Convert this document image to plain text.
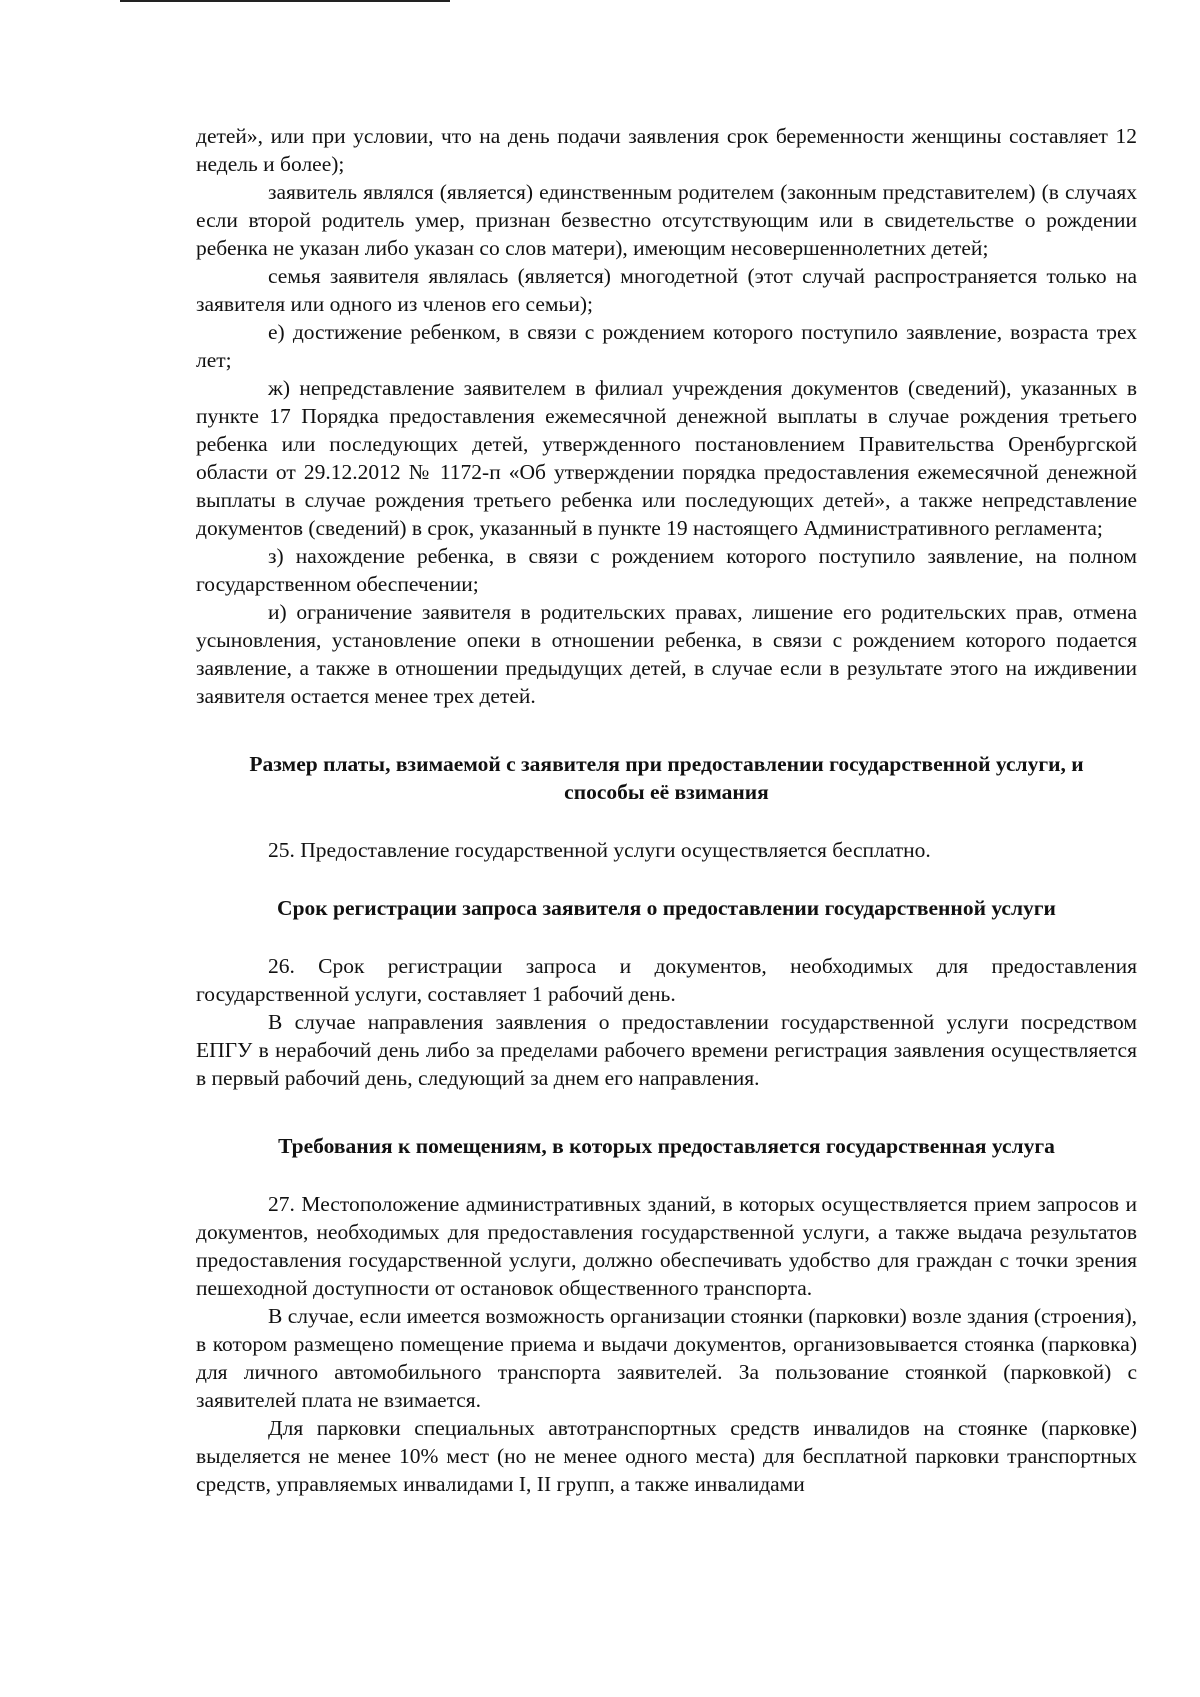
детей», или при условии, что на день подачи заявления срок беременности женщины составляет 12 недель и более);

заявитель являлся (является) единственным родителем (законным представителем) (в случаях если второй родитель умер, признан безвестно отсутствующим или в свидетельстве о рождении ребенка не указан либо указан со слов матери), имеющим несовершеннолетних детей;

семья заявителя являлась (является) многодетной (этот случай распространяется только на заявителя или одного из членов его семьи);

е) достижение ребенком, в связи с рождением которого поступило заявление, возраста трех лет;

ж) непредставление заявителем в филиал учреждения документов (сведений), указанных в пункте 17 Порядка предоставления ежемесячной денежной выплаты в случае рождения третьего ребенка или последующих детей, утвержденного постановлением Правительства Оренбургской области от 29.12.2012 № 1172-п «Об утверждении порядка предоставления ежемесячной денежной выплаты в случае рождения третьего ребенка или последующих детей», а также непредставление документов (сведений) в срок, указанный в пункте 19 настоящего Административного регламента;

з) нахождение ребенка, в связи с рождением которого поступило заявление, на полном государственном обеспечении;

и) ограничение заявителя в родительских правах, лишение его родительских прав, отмена усыновления, установление опеки в отношении ребенка, в связи с рождением которого подается заявление, а также в отношении предыдущих детей, в случае если в результате этого на иждивении заявителя остается менее трех детей.

Размер платы, взимаемой с заявителя при предоставлении государственной услуги, и способы её взимания

25. Предоставление государственной услуги осуществляется бесплатно.

Срок регистрации запроса заявителя о предоставлении государственной услуги

26. Срок регистрации запроса и документов, необходимых для предоставления государственной услуги, составляет 1 рабочий день.

В случае направления заявления о предоставлении государственной услуги посредством ЕПГУ в нерабочий день либо за пределами рабочего времени регистрация заявления осуществляется в первый рабочий день, следующий за днем его направления.

Требования к помещениям, в которых предоставляется государственная услуга

27. Местоположение административных зданий, в которых осуществляется прием запросов и документов, необходимых для предоставления государственной услуги, а также выдача результатов предоставления государственной услуги, должно обеспечивать удобство для граждан с точки зрения пешеходной доступности от остановок общественного транспорта.

В случае, если имеется возможность организации стоянки (парковки) возле здания (строения), в котором размещено помещение приема и выдачи документов, организовывается стоянка (парковка) для личного автомобильного транспорта заявителей. За пользование стоянкой (парковкой) с заявителей плата не взимается.

Для парковки специальных автотранспортных средств инвалидов на стоянке (парковке) выделяется не менее 10% мест (но не менее одного места) для бесплатной парковки транспортных средств, управляемых инвалидами I, II групп, а также инвалидами
